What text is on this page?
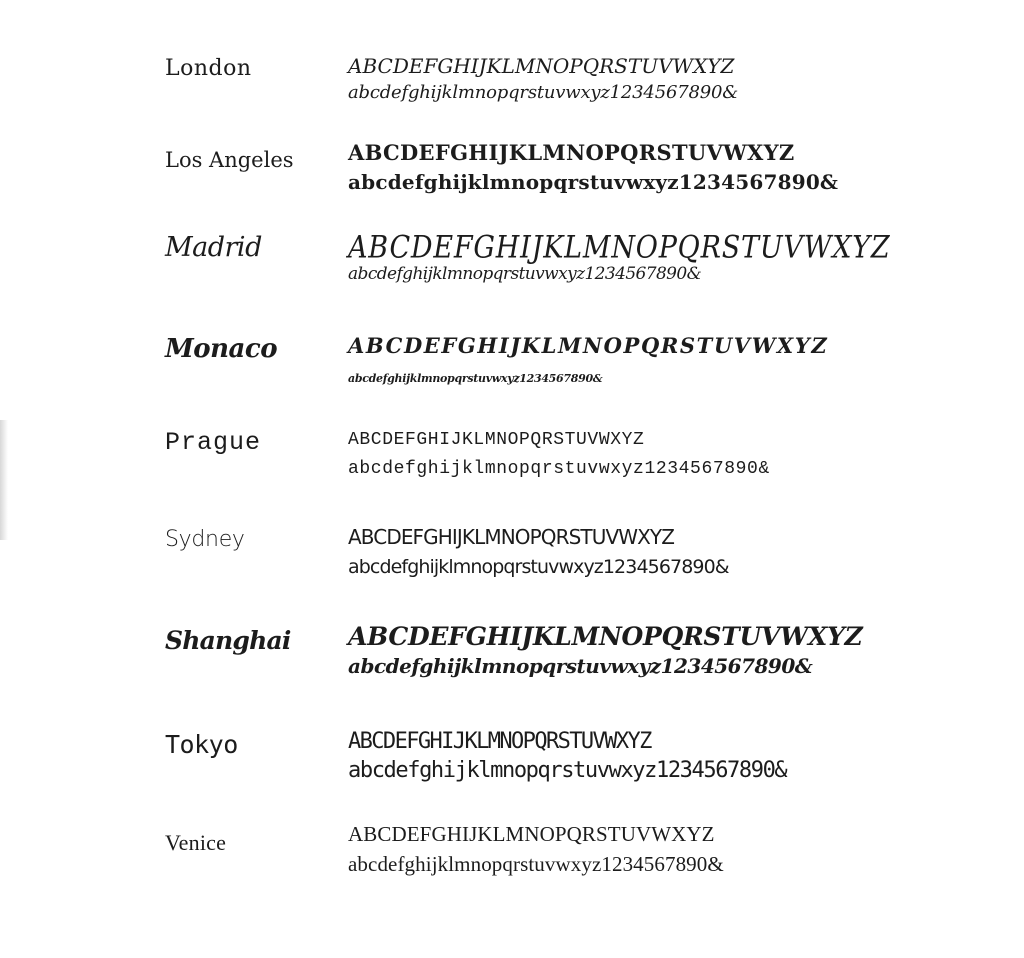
London	ABCDEFGHIJKLMNOPQRSTUVWXYZ
abcdefghijklmnopqrstuvwxyz1234567890&
Los Angeles	ABCDEFGHIJKLMNOPQRSTUVWXYZ
abcdefghijklmnopqrstuvwxyz1234567890&
Madrid	ABCDEFGHIJKLMNOPQRSTUVWXYZ
abcdefghijklmnopqrstuvwxyz1234567890&
Monaco	ABCDEFGHIJKLMNOPQRSTUVWXYZ
abcdefghijklmnopqrstuvwxyz1234567890&
Prague	ABCDEFGHIJKLMNOPQRSTUVWXYZ
abcdefghijklmnopqrstuvwxyz1234567890&
Sydney	ABCDEFGHIJKLMNOPQRSTUVWXYZ
abcdefghijklmnopqrstuvwxyz1234567890&
Shanghai ABCDEFGHIJKLMNOPQRSTUVWXYZ
abcdefghijklmnopqrstuvwxyz1234567890&
Tokyo	ABCDEFGHIJKLMNOPQRSTUVWXYZ
abcdefghijklmnopqrstuvwxyz1234567890&
Venice	ABCDEFGHIJKLMNOPQRSTUVWXYZ
abcdefghijklmnopqrstuvwxyz1234567890&
